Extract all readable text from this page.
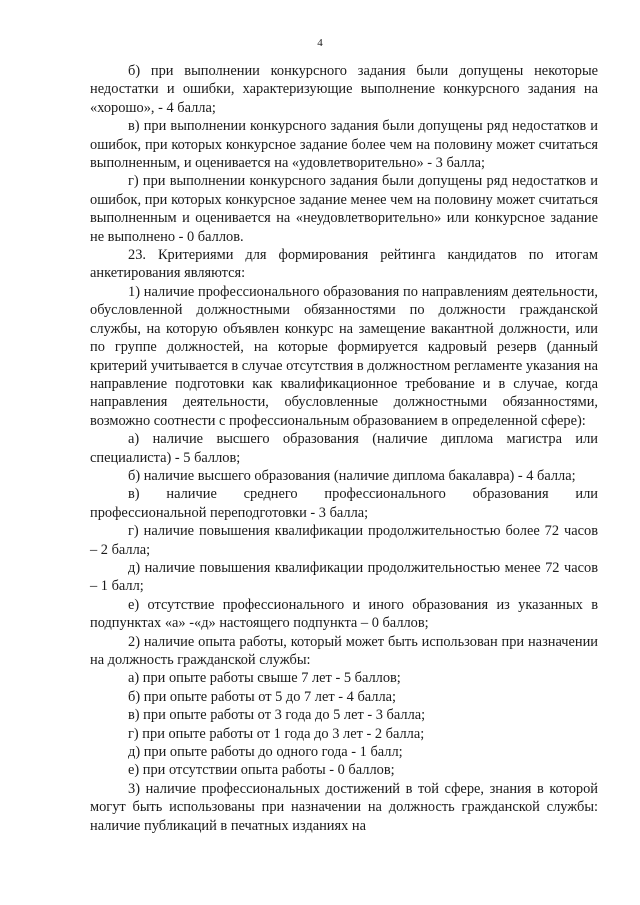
4

б) при выполнении конкурсного задания были допущены некоторые недостатки и ошибки, характеризующие выполнение конкурсного задания на «хорошо», - 4 балла;

в) при выполнении конкурсного задания были допущены ряд недостатков и ошибок, при которых конкурсное задание более чем на половину может считаться выполненным, и оценивается на «удовлетворительно» - 3 балла;

г) при выполнении конкурсного задания были допущены ряд недостатков и ошибок, при которых конкурсное задание менее чем на половину может считаться выполненным и оценивается на «неудовлетворительно» или конкурсное задание не выполнено - 0 баллов.

23. Критериями для формирования рейтинга кандидатов по итогам анкетирования являются:

1) наличие профессионального образования по направлениям деятельности, обусловленной должностными обязанностями по должности гражданской службы, на которую объявлен конкурс на замещение вакантной должности, или по группе должностей, на которые формируется кадровый резерв (данный критерий учитывается в случае отсутствия в должностном регламенте указания на направление подготовки как квалификационное требование и в случае, когда направления деятельности, обусловленные должностными обязанностями, возможно соотнести с профессиональным образованием в определенной сфере):

а) наличие высшего образования (наличие диплома магистра или специалиста) - 5 баллов;

б) наличие высшего образования (наличие диплома бакалавра) - 4 балла;

в) наличие среднего профессионального образования или профессиональной переподготовки - 3 балла;

г) наличие повышения квалификации продолжительностью более 72 часов – 2 балла;

д) наличие повышения квалификации продолжительностью менее 72 часов – 1 балл;

е) отсутствие профессионального и иного образования из указанных в подпунктах «а» -«д» настоящего подпункта – 0 баллов;

2) наличие опыта работы, который может быть использован при назначении на должность гражданской службы:

а) при опыте работы свыше 7 лет - 5 баллов;

б) при опыте работы от 5 до 7 лет - 4 балла;

в) при опыте работы от 3 года до 5 лет - 3 балла;

г) при опыте работы от 1 года до 3 лет - 2 балла;

д) при опыте работы до одного года - 1 балл;

е) при отсутствии опыта работы - 0 баллов;

3) наличие профессиональных достижений в той сфере, знания в которой могут быть использованы при назначении на должность гражданской службы: наличие публикаций в печатных изданиях на
